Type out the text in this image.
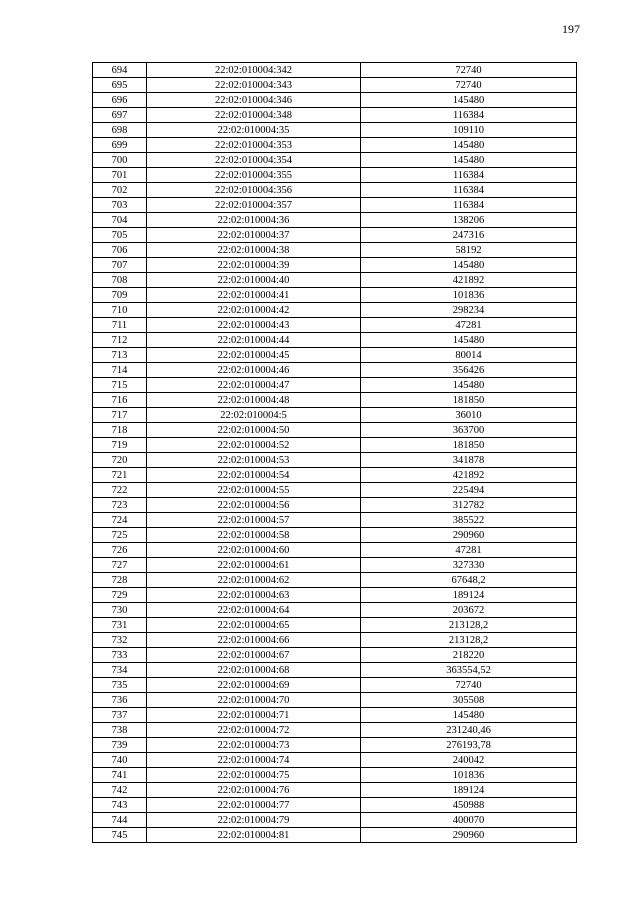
197
694	22:02:010004:342	72740
695	22:02:010004:343	72740
696	22:02:010004:346	145480
697	22:02:010004:348	116384
698	22:02:010004:35	109110
699	22:02:010004:353	145480
700	22:02:010004:354	145480
701	22:02:010004:355	116384
702	22:02:010004:356	116384
703	22:02:010004:357	116384
704	22:02:010004:36	138206
705	22:02:010004:37	247316
706	22:02:010004:38	58192
707	22:02:010004:39	145480
708	22:02:010004:40	421892
709	22:02:010004:41	101836
710	22:02:010004:42	298234
711	22:02:010004:43	47281
712	22:02:010004:44	145480
713	22:02:010004:45	80014
714	22:02:010004:46	356426
715	22:02:010004:47	145480
716	22:02:010004:48	181850
717	22:02:010004:5	36010
718	22:02:010004:50	363700
719	22:02:010004:52	181850
720	22:02:010004:53	341878
721	22:02:010004:54	421892
722	22:02:010004:55	225494
723	22:02:010004:56	312782
724	22:02:010004:57	385522
725	22:02:010004:58	290960
726	22:02:010004:60	47281
727	22:02:010004:61	327330
728	22:02:010004:62	67648,2
729	22:02:010004:63	189124
730	22:02:010004:64	203672
731	22:02:010004:65	213128,2
732	22:02:010004:66	213128,2
733	22:02:010004:67	218220
734	22:02:010004:68	363554,52
735	22:02:010004:69	72740
736	22:02:010004:70	305508
737	22:02:010004:71	145480
738	22:02:010004:72	231240,46
739	22:02:010004:73	276193,78
740	22:02:010004:74	240042
741	22:02:010004:75	101836
742	22:02:010004:76	189124
743	22:02:010004:77	450988
744	22:02:010004:79	400070
745	22:02:010004:81	290960
